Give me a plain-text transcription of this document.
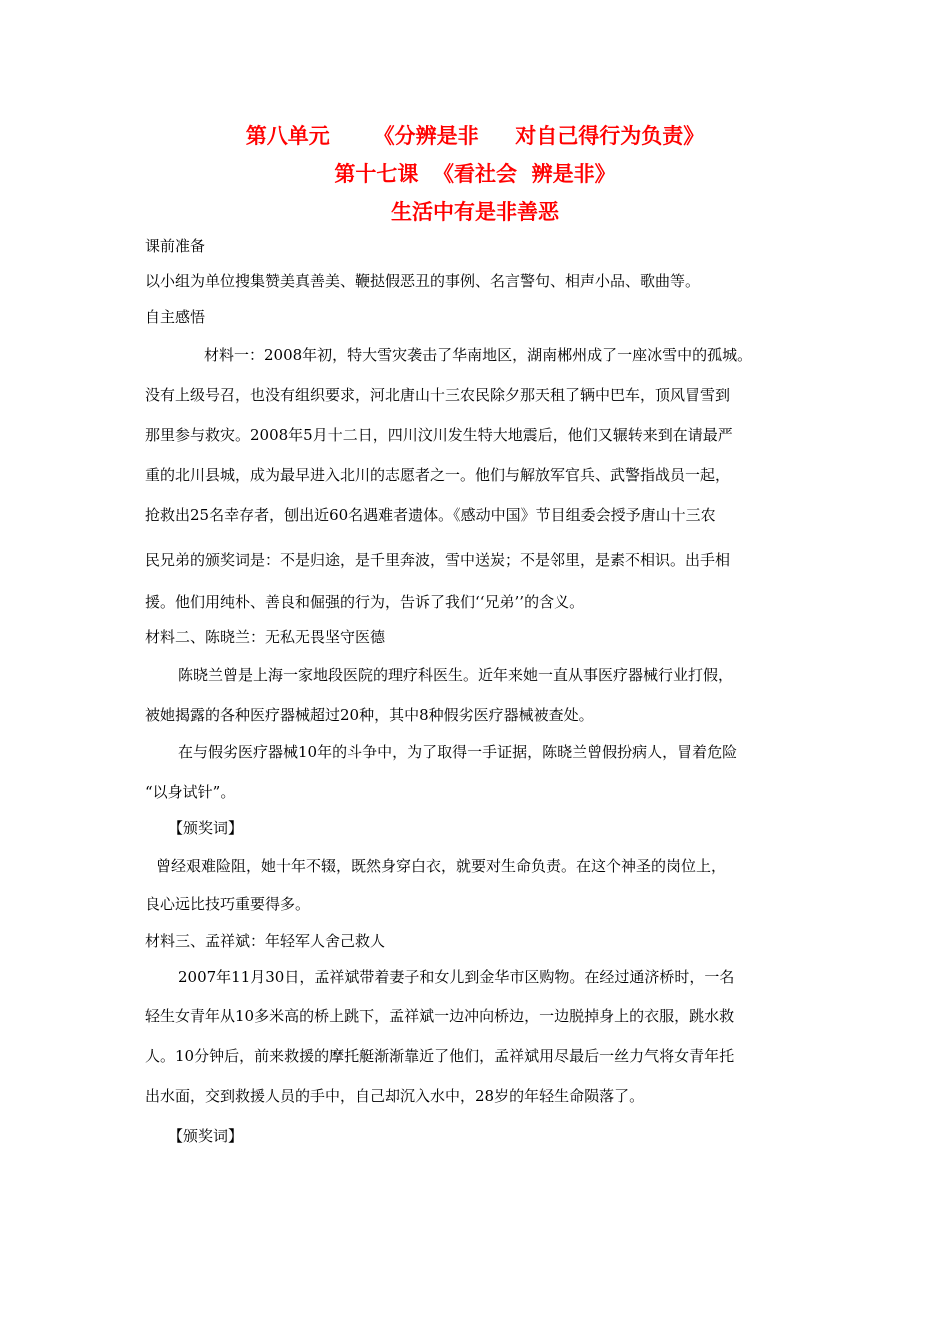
第八单元      《分辨是非     对自己得行为负责》
第十七课  《看社会  辨是非》
生活中有是非善恶
课前准备
以小组为单位搜集赞美真善美、鞭挞假恶丑的事例、名言警句、相声小品、歌曲等。
自主感悟
材料一：2008年初，特大雪灾袭击了华南地区，湖南郴州成了一座冰雪中的孤城。
没有上级号召，也没有组织要求，河北唐山十三农民除夕那天租了辆中巴车，顶风冒雪到
那里参与救灾。2008年5月十二日，四川汶川发生特大地震后，他们又辗转来到在请最严
重的北川县城，成为最早进入北川的志愿者之一。他们与解放军官兵、武警指战员一起，
抢救出25名幸存者，刨出近60名遇难者遗体。《感动中国》节目组委会授予唐山十三农
民兄弟的颁奖词是：不是归途，是千里奔波，雪中送炭；不是邻里，是素不相识。出手相
援。他们用纯朴、善良和倔强的行为，告诉了我们‘‘兄弟’’的含义。
材料二、陈晓兰：无私无畏坚守医德
陈晓兰曾是上海一家地段医院的理疗科医生。近年来她一直从事医疗器械行业打假，
被她揭露的各种医疗器械超过20种，其中8种假劣医疗器械被查处。
在与假劣医疗器械10年的斗争中，为了取得一手证据，陈晓兰曾假扮病人，冒着危险
“以身试针”。
【颁奖词】
曾经艰难险阻，她十年不辍，既然身穿白衣，就要对生命负责。在这个神圣的岗位上，
良心远比技巧重要得多。
材料三、孟祥斌：年轻军人舍己救人
2007年11月30日，孟祥斌带着妻子和女儿到金华市区购物。在经过通济桥时，一名
轻生女青年从10多米高的桥上跳下，孟祥斌一边冲向桥边，一边脱掉身上的衣服，跳水救
人。10分钟后，前来救援的摩托艇渐渐靠近了他们，孟祥斌用尽最后一丝力气将女青年托
出水面，交到救援人员的手中，自己却沉入水中，28岁的年轻生命陨落了。
【颁奖词】
